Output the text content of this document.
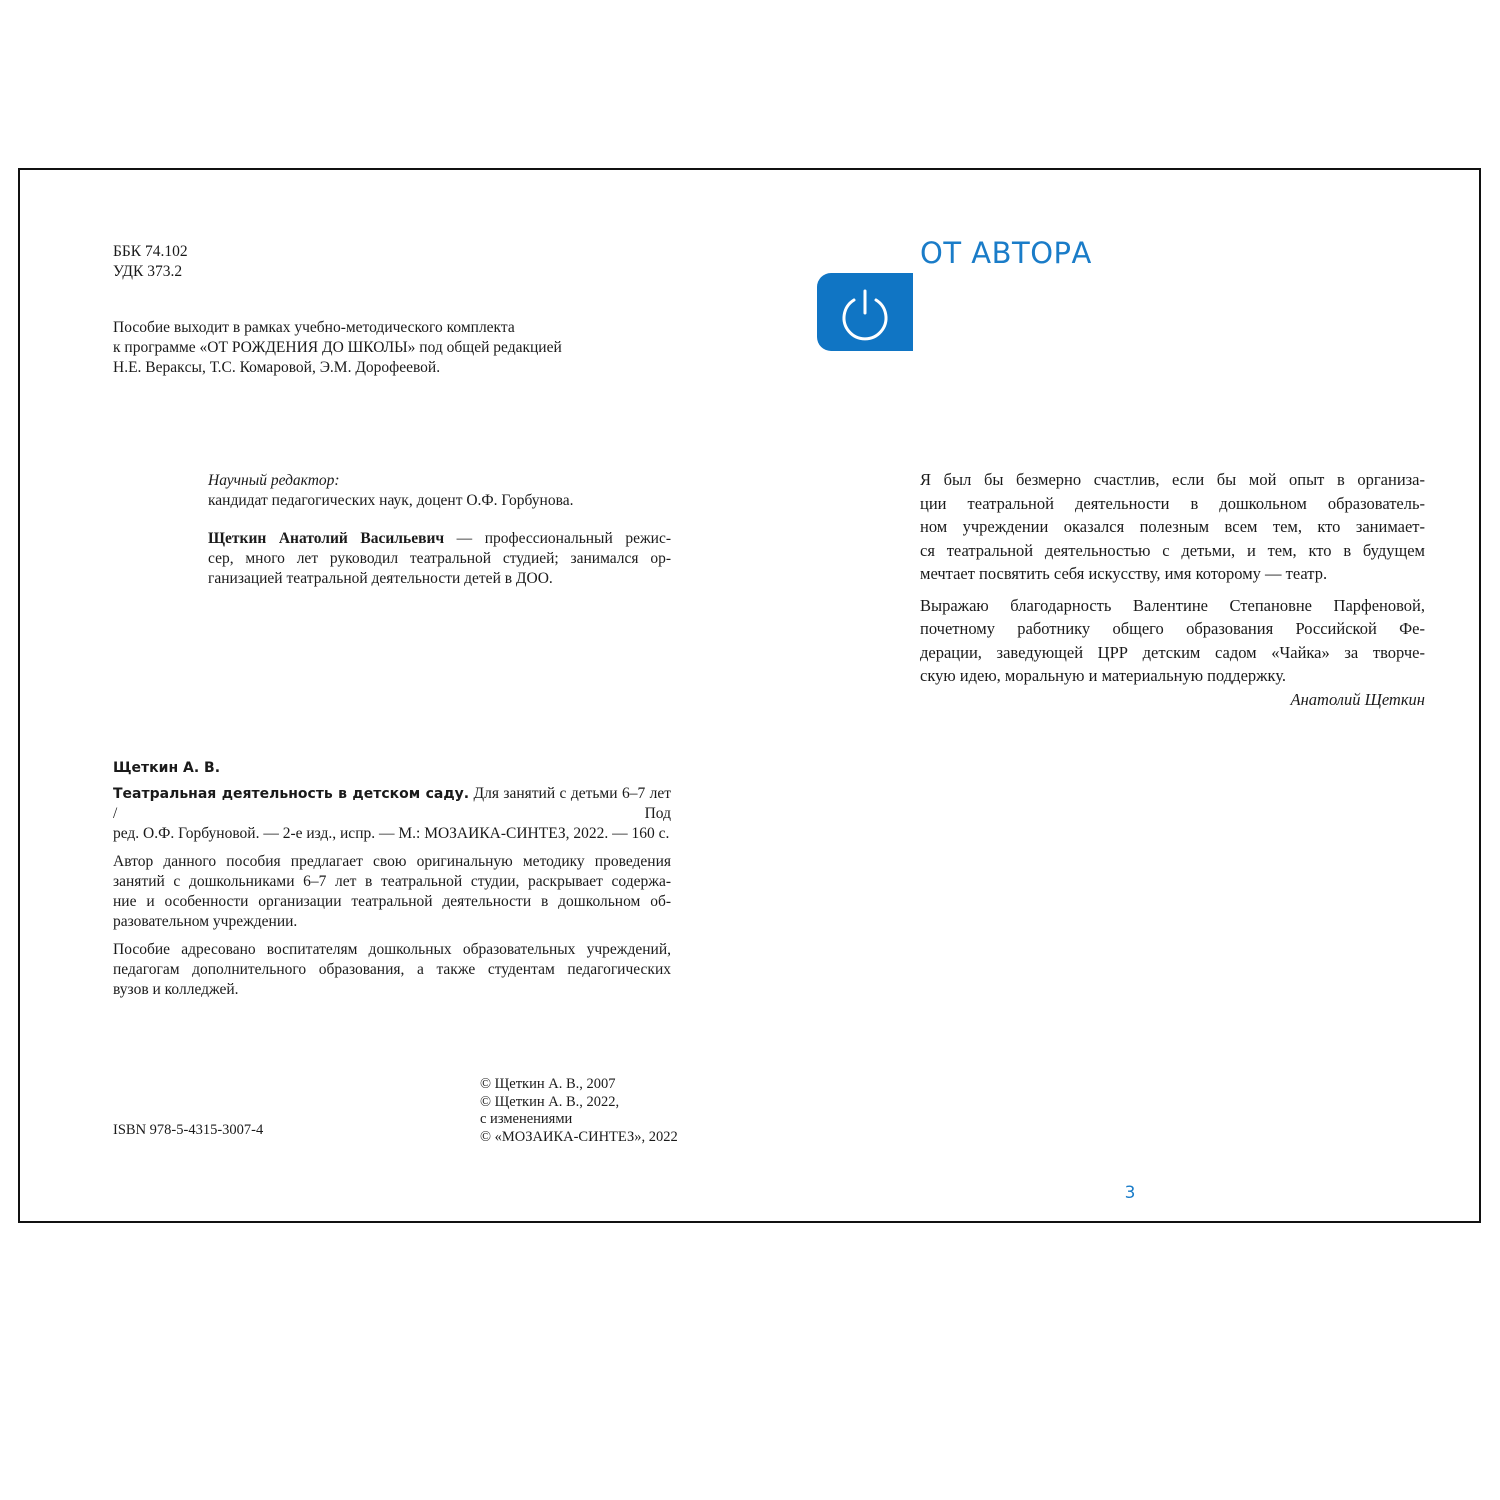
ББК 74.102
УДК 373.2
Пособие выходит в рамках учебно-методического комплекта
к программе «ОТ РОЖДЕНИЯ ДО ШКОЛЫ» под общей редакцией
Н.Е. Веракcы, Т.С. Комаровой, Э.М. Дорофеевой.
Научный редактор:
кандидат педагогических наук, доцент О.Ф. Горбунова.
Щеткин Анатолий Васильевич — профессиональный режис-
сер, много лет руководил театральной студией; занимался ор-
ганизацией театральной деятельности детей в ДОО.
Щеткин А. В.
Театральная деятельность в детском саду. Для занятий с детьми 6–7 лет / Под
ред. О.Ф. Горбуновой. — 2-е изд., испр. — М.: МОЗАИКА-СИНТЕЗ, 2022. — 160 с.
Автор данного пособия предлагает свою оригинальную методику проведения
занятий с дошкольниками 6–7 лет в театральной студии, раскрывает содержа-
ние и особенности организации театральной деятельности в дошкольном об-
разовательном учреждении.
Пособие адресовано воспитателям дошкольных образовательных учреждений,
педагогам дополнительного образования, а также студентам педагогических
вузов и колледжей.
ISBN 978-5-4315-3007-4
© Щеткин А. В., 2007
© Щеткин А. В., 2022,
с изменениями
© «МОЗАИКА-СИНТЕЗ», 2022
ОТ АВТОРА
Я был бы безмерно счастлив, если бы мой опыт в организа-
ции театральной деятельности в дошкольном образователь-
ном учреждении оказался полезным всем тем, кто занимает-
ся театральной деятельностью с детьми, и тем, кто в будущем
мечтает посвятить себя искусству, имя которому — театр.
Выражаю благодарность Валентине Степановне Парфеновой,
почетному работнику общего образования Российской Фе-
дерации, заведующей ЦРР детским садом «Чайка» за творче-
скую идею, моральную и материальную поддержку.
Анатолий Щеткин
3
